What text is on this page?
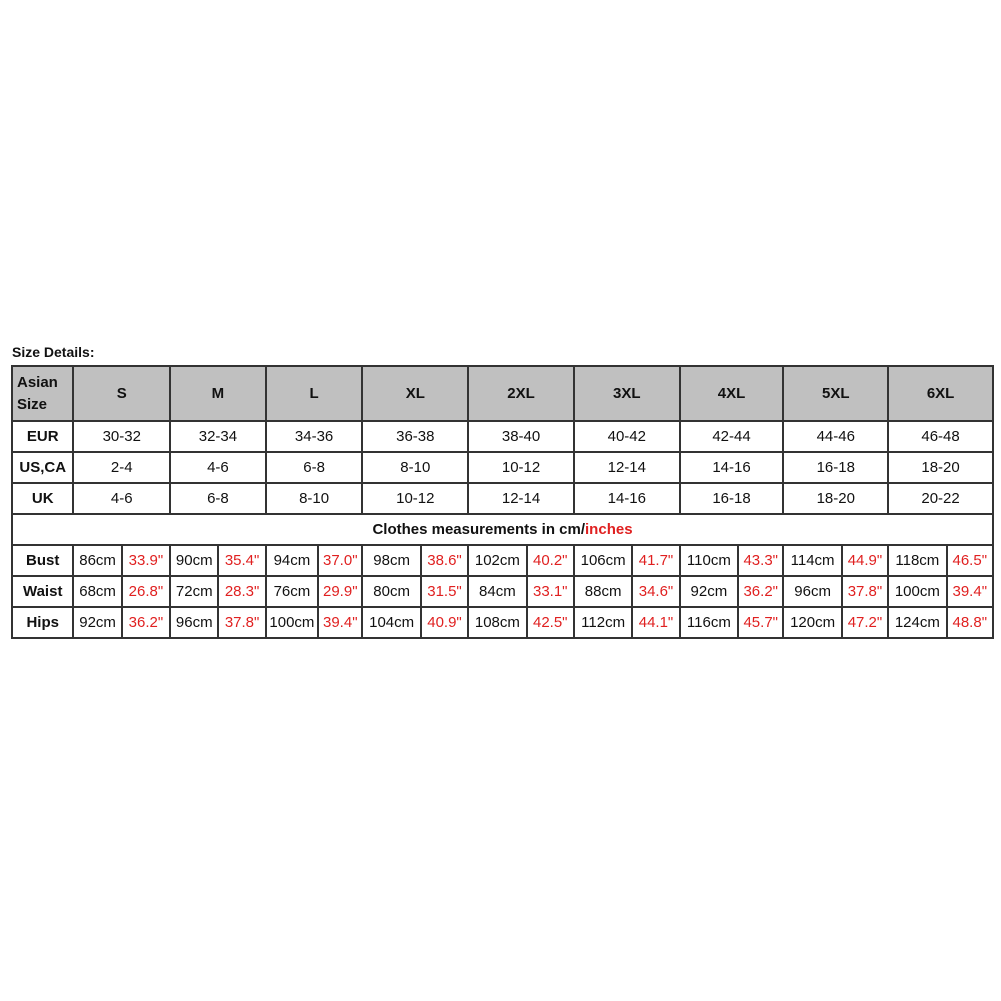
Size Details:
Asian Size	S		M		L		XL		2XL		3XL		4XL		5XL		6XL	
EUR	30-32		32-34		34-36		36-38		38-40		40-42		42-44		44-46		46-48	
US,CA	2-4		4-6		6-8		8-10		10-12		12-14		14-16		16-18		18-20	
UK	4-6		6-8		8-10		10-12		12-14		14-16		16-18		18-20		20-22	
Clothes measurements in cm/inches																		
Bust	86cm	33.9"	90cm	35.4"	94cm	37.0"	98cm	38.6"	102cm	40.2"	106cm	41.7"	110cm	43.3"	114cm	44.9"	118cm	46.5"
Waist	68cm	26.8"	72cm	28.3"	76cm	29.9"	80cm	31.5"	84cm	33.1"	88cm	34.6"	92cm	36.2"	96cm	37.8"	100cm	39.4"
Hips	92cm	36.2"	96cm	37.8"	100cm	39.4"	104cm	40.9"	108cm	42.5"	112cm	44.1"	116cm	45.7"	120cm	47.2"	124cm	48.8"
